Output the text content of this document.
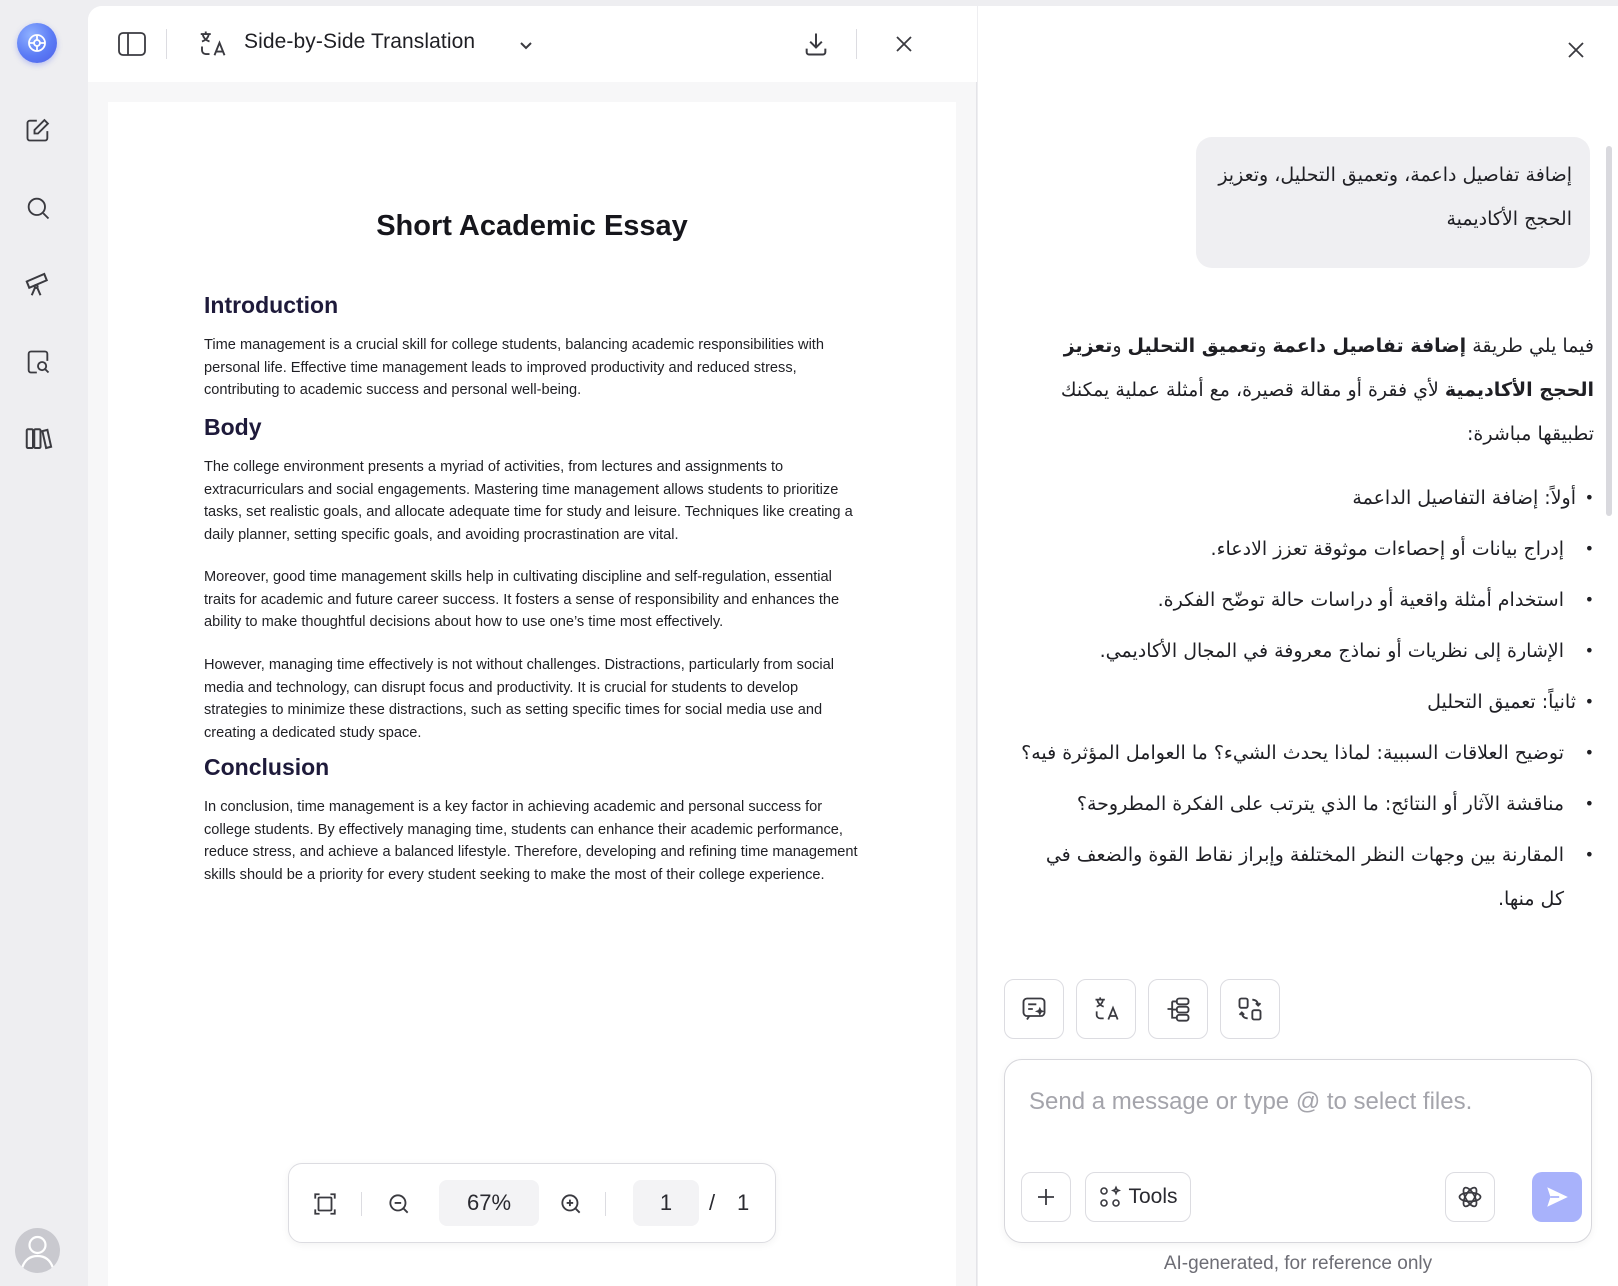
Side-by-Side Translation
Short Academic Essay
Introduction
Time management is a crucial skill for college students, balancing academic responsibilities with personal life. Effective time management leads to improved productivity and reduced stress, contributing to academic success and personal well-being.
Body
The college environment presents a myriad of activities, from lectures and assignments to extracurriculars and social engagements. Mastering time management allows students to prioritize tasks, set realistic goals, and allocate adequate time for study and leisure. Techniques like creating a daily planner, setting specific goals, and avoiding procrastination are vital.
Moreover, good time management skills help in cultivating discipline and self-regulation, essential traits for academic and future career success. It fosters a sense of responsibility and enhances the ability to make thoughtful decisions about how to use one’s time most effectively.
However, managing time effectively is not without challenges. Distractions, particularly from social media and technology, can disrupt focus and productivity. It is crucial for students to develop strategies to minimize these distractions, such as setting specific times for social media use and creating a dedicated study space.
Conclusion
In conclusion, time management is a key factor in achieving academic and personal success for college students. By effectively managing time, students can enhance their academic performance, reduce stress, and achieve a balanced lifestyle. Therefore, developing and refining time management skills should be a priority for every student seeking to make the most of their college experience.
67%	1	/ 1
إضافة تفاصيل داعمة، وتعميق التحليل، وتعزيز الحجج الأكاديمية
فيما يلي طريقة إضافة تفاصيل داعمة وتعميق التحليل وتعزيز الحجج الأكاديمية لأي فقرة أو مقالة قصيرة، مع أمثلة عملية يمكنك تطبيقها مباشرة:
• أولاً: إضافة التفاصيل الداعمة
• إدراج بيانات أو إحصاءات موثوقة تعزز الادعاء.
• استخدام أمثلة واقعية أو دراسات حالة توضّح الفكرة.
• الإشارة إلى نظريات أو نماذج معروفة في المجال الأكاديمي.
• ثانياً: تعميق التحليل
• توضيح العلاقات السببية: لماذا يحدث الشيء؟ ما العوامل المؤثرة فيه؟
• مناقشة الآثار أو النتائج: ما الذي يترتب على الفكرة المطروحة؟
• المقارنة بين وجهات النظر المختلفة وإبراز نقاط القوة والضعف في كل منها.
Send a message or type @ to select files.
Tools
AI-generated, for reference only
